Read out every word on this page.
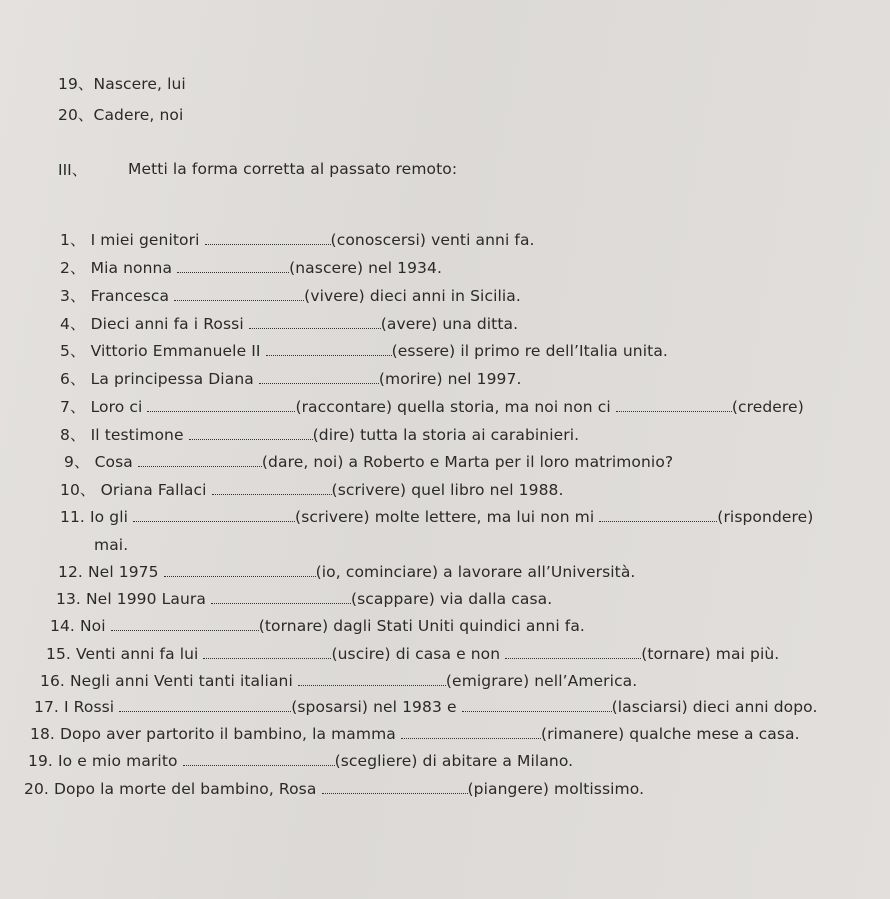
19、Nascere, lui
20、Cadere, noi
III、	Metti la forma corretta al passato remoto:
1、 I miei genitori	(conoscersi) venti anni fa.
2、 Mia nonna	(nascere) nel 1934.
3、 Francesca	(vivere) dieci anni in Sicilia.
4、 Dieci anni fa i Rossi	(avere) una ditta.
5、 Vittorio Emmanuele II	(essere) il primo re dell’Italia unita.
6、 La principessa Diana	(morire) nel 1997.
7、 Loro ci	(raccontare) quella storia, ma noi non ci	(credere)
8、 Il testimone	(dire) tutta la storia ai carabinieri.
9、 Cosa	(dare, noi) a Roberto e Marta per il loro matrimonio?
10、 Oriana Fallaci	(scrivere) quel libro nel 1988.
11. Io gli	(scrivere) molte lettere, ma lui non mi	(rispondere)
mai.
12. Nel 1975	(io, cominciare) a lavorare all’Università.
13. Nel 1990 Laura	(scappare) via dalla casa.
14. Noi	(tornare) dagli Stati Uniti quindici anni fa.
15. Venti anni fa lui	(uscire) di casa e non	(tornare) mai più.
16. Negli anni Venti tanti italiani	(emigrare) nell’America.
17. I Rossi	(sposarsi) nel 1983 e	(lasciarsi) dieci anni dopo.
18. Dopo aver partorito il bambino, la mamma	(rimanere) qualche mese a casa.
19. Io e mio marito	(scegliere) di abitare a Milano.
20. Dopo la morte del bambino, Rosa	(piangere) moltissimo.
